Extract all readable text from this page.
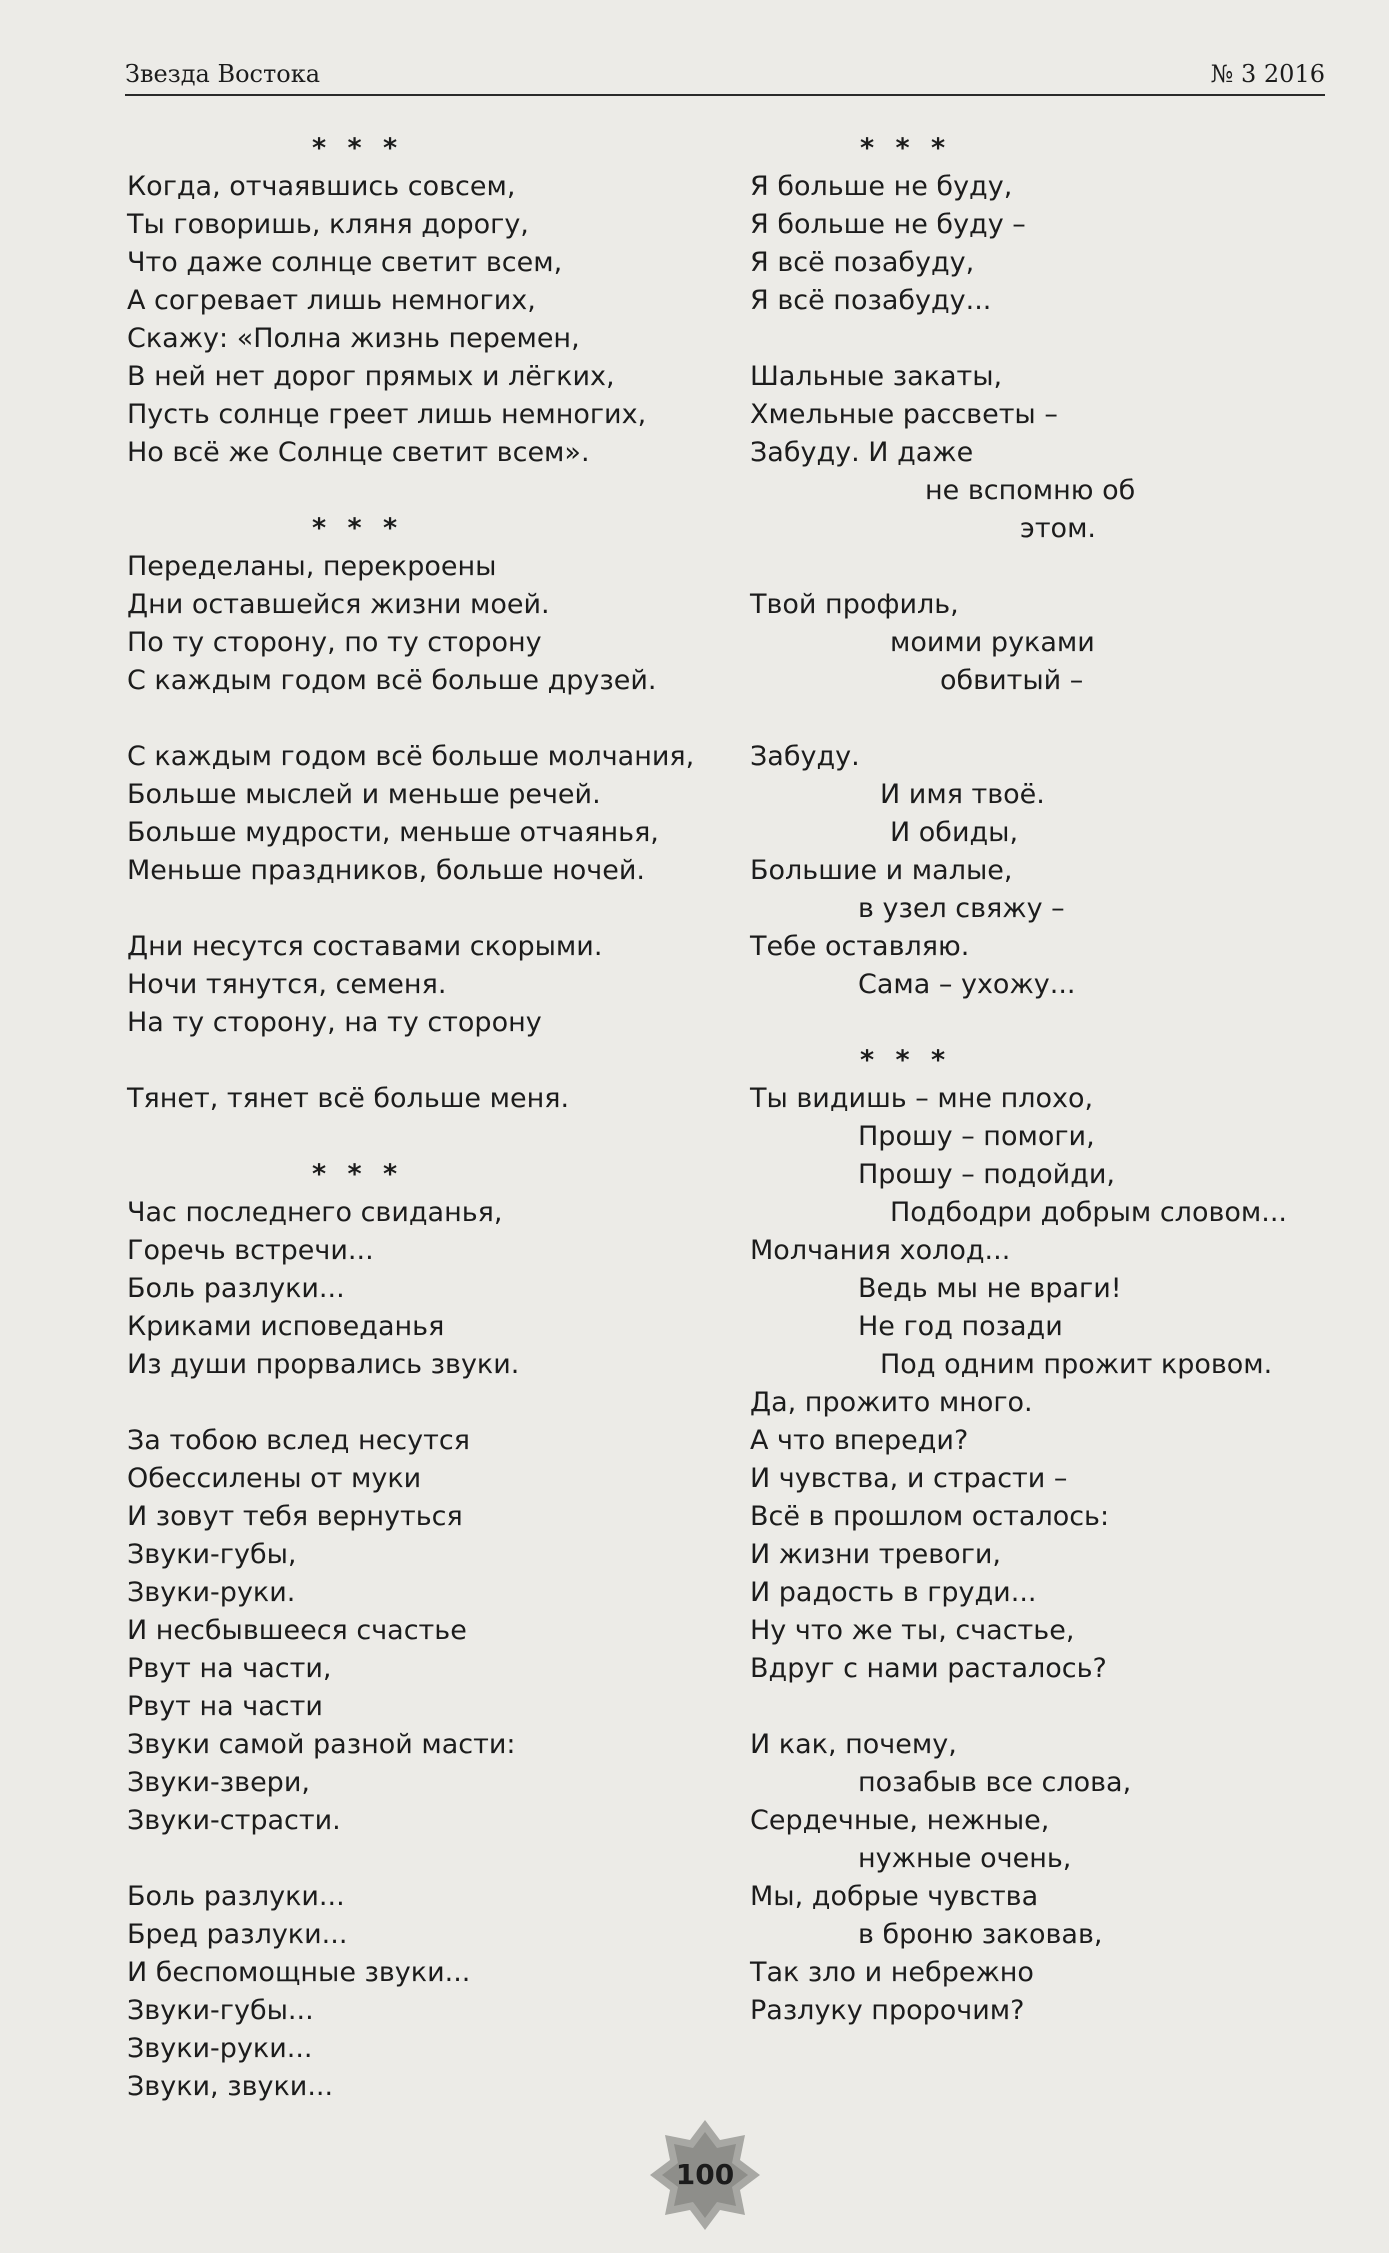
Звезда Востока	№ 3 2016
* * *
Когда, отчаявшись совсем,
Ты говоришь, кляня дорогу,
Что даже солнце светит всем,
А согревает лишь немногих,
Скажу: «Полна жизнь перемен,
В ней нет дорог прямых и лёгких,
Пусть солнце греет лишь немногих,
Но всё же Солнце светит всем».
* * *
Переделаны, перекроены
Дни оставшейся жизни моей.
По ту сторону, по ту сторону
С каждым годом всё больше друзей.
С каждым годом всё больше молчания,
Больше мыслей и меньше речей.
Больше мудрости, меньше отчаянья,
Меньше праздников, больше ночей.
Дни несутся составами скорыми.
Ночи тянутся, семеня.
На ту сторону, на ту сторону
Тянет, тянет всё больше меня.
* * *
Час последнего свиданья,
Горечь встречи...
Боль разлуки...
Криками исповеданья
Из души прорвались звуки.
За тобою вслед несутся
Обессилены от муки
И зовут тебя вернуться
Звуки-губы,
Звуки-руки.
И несбывшееся счастье
Рвут на части,
Рвут на части
Звуки самой разной масти:
Звуки-звери,
Звуки-страсти.
Боль разлуки...
Бред разлуки...
И беспомощные звуки...
Звуки-губы...
Звуки-руки...
Звуки, звуки...
* * *
Я больше не буду,
Я больше не буду –
Я всё позабуду,
Я всё позабуду...
Шальные закаты,
Хмельные рассветы –
Забуду. И даже
не вспомню об
этом.
Твой профиль,
моими руками
обвитый –
Забуду.
И имя твоё.
И обиды,
Большие и малые,
в узел свяжу –
Тебе оставляю.
Сама – ухожу...
* * *
Ты видишь – мне плохо,
Прошу – помоги,
Прошу – подойди,
Подбодри добрым словом...
Молчания холод...
Ведь мы не враги!
Не год позади
Под одним прожит кровом.
Да, прожито много.
А что впереди?
И чувства, и страсти –
Всё в прошлом осталось:
И жизни тревоги,
И радость в груди...
Ну что же ты, счастье,
Вдруг с нами расталось?
И как, почему,
позабыв все слова,
Сердечные, нежные,
нужные очень,
Мы, добрые чувства
в броню заковав,
Так зло и небрежно
Разлуку пророчим?
100
